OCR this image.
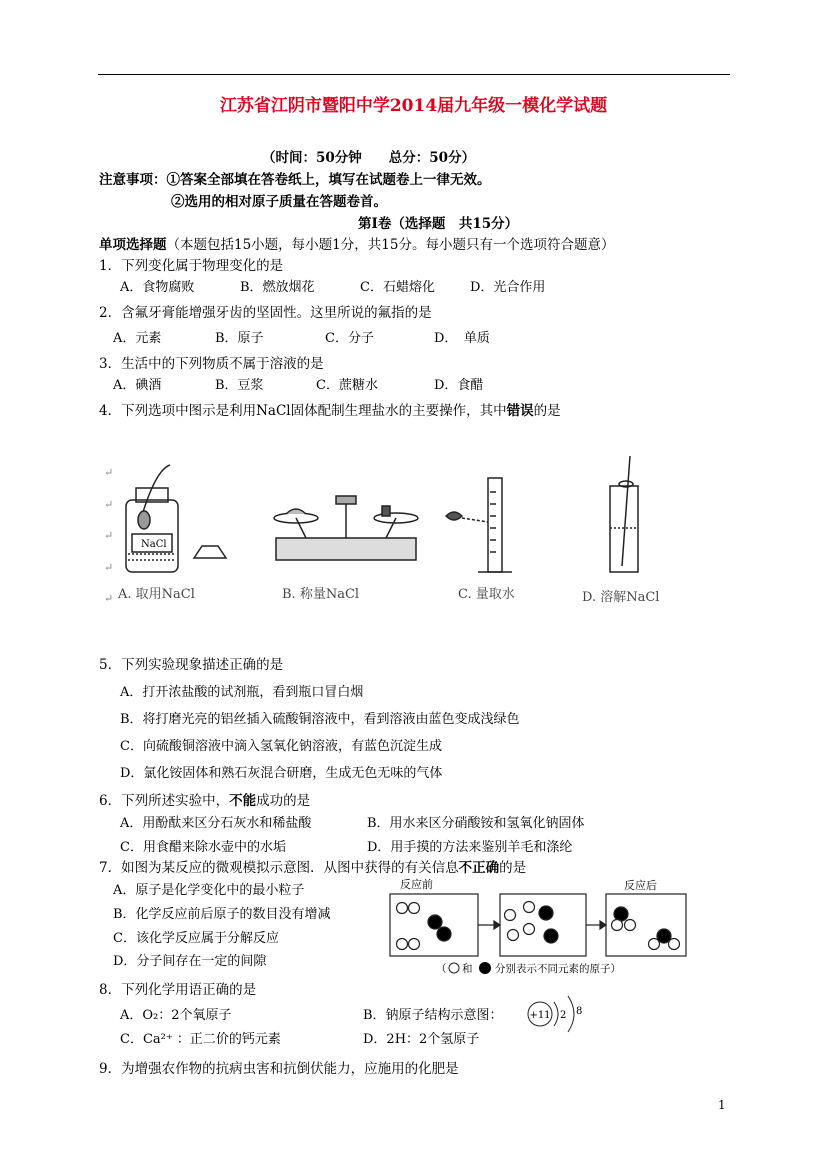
江苏省江阴市暨阳中学2014届九年级一模化学试题
（时间：50分钟　　总分：50分）
注意事项：①答案全部填在答卷纸上，填写在试题卷上一律无效。
②选用的相对原子质量在答题卷首。
第Ⅰ卷（选择题　共15分）
单项选择题（本题包括15小题，每小题1分，共15分。每小题只有一个选项符合题意）
1．下列变化属于物理变化的是
A．食物腐败	B．燃放烟花	C．石蜡熔化	D．光合作用
2．含氟牙膏能增强牙齿的坚固性。这里所说的氟指的是
A．元素	B．原子	C．分子	D．　单质
3．生活中的下列物质不属于溶液的是
A．碘酒	B．豆浆	C．蔗糖水	D．食醋
4．下列选项中图示是利用NaCl固体配制生理盐水的主要操作，其中错误的是
↵
↵
↵
↵
↵
NaCl
A. 取用NaCl	B. 称量NaCl	C. 量取水	D. 溶解NaCl
5．下列实验现象描述正确的是
A．打开浓盐酸的试剂瓶，看到瓶口冒白烟
B．将打磨光亮的铝丝插入硫酸铜溶液中，看到溶液由蓝色变成浅绿色
C．向硫酸铜溶液中滴入氢氧化钠溶液，有蓝色沉淀生成
D．氯化铵固体和熟石灰混合研磨，生成无色无味的气体
6．下列所述实验中，不能成功的是
A．用酚酞来区分石灰水和稀盐酸	B．用水来区分硝酸铵和氢氧化钠固体
C．用食醋来除水壶中的水垢	D．用手摸的方法来鉴别羊毛和涤纶
7．如图为某反应的微观模拟示意图．从图中获得的有关信息不正确的是
A．原子是化学变化中的最小粒子
B．化学反应前后原子的数目没有增减
C．该化学反应属于分解反应
D．分子间存在一定的间隙
反应前	反应后
（ 和 分别表示不同元素的原子）
8．下列化学用语正确的是
A．O₂：2个氧原子	B．钠原子结构示意图：
C．Ca²⁺ ：正二价的钙元素	D．2H：2个氢原子
+11 2 8
9．为增强农作物的抗病虫害和抗倒伏能力，应施用的化肥是
1
